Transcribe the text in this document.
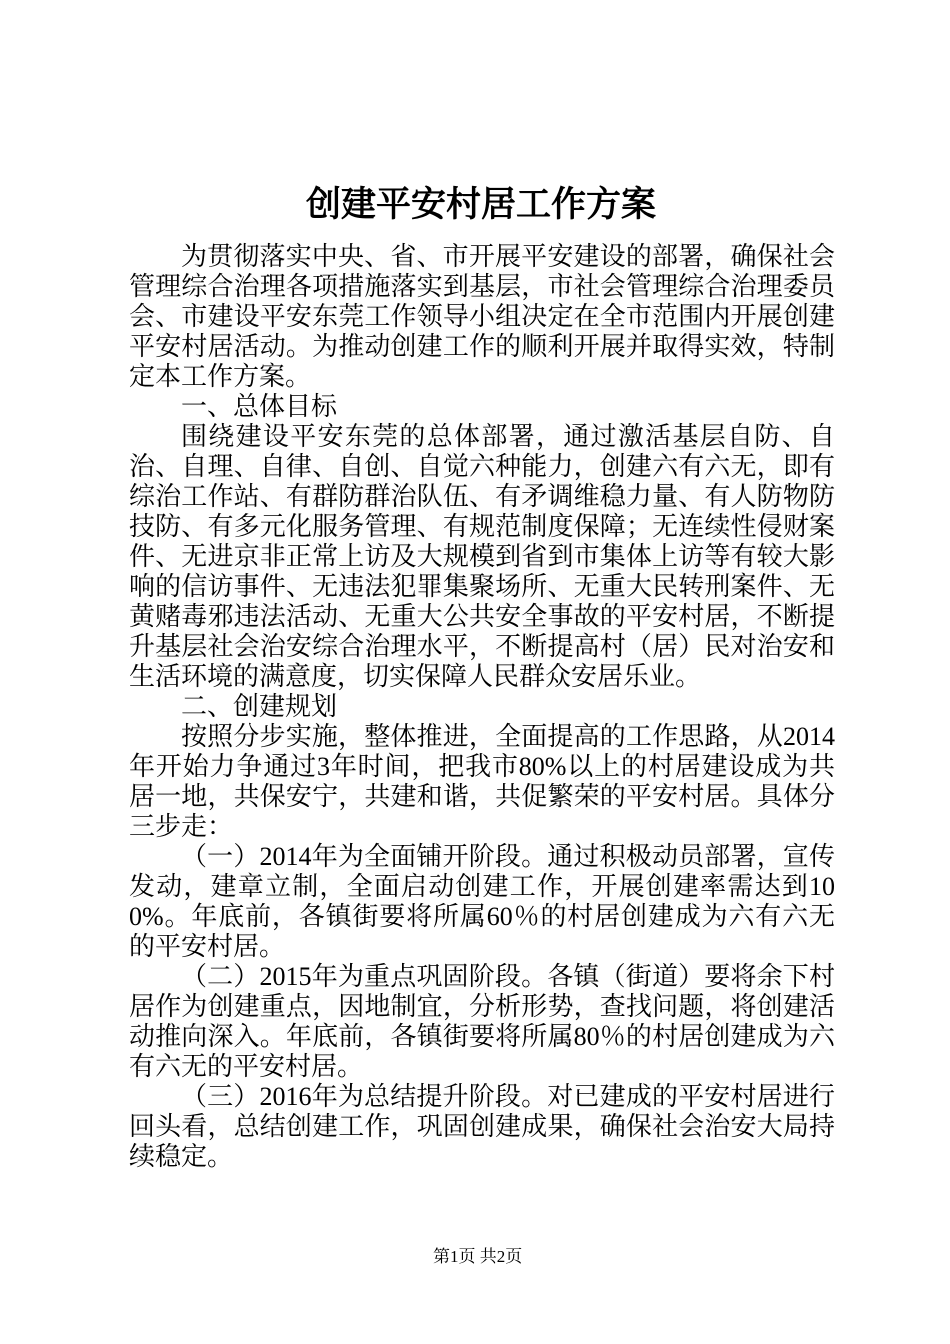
创建平安村居工作方案

为贯彻落实中央、省、市开展平安建设的部署，确保社会管理综合治理各项措施落实到基层，市社会管理综合治理委员会、市建设平安东莞工作领导小组决定在全市范围内开展创建平安村居活动。为推动创建工作的顺利开展并取得实效，特制定本工作方案。

一、总体目标

围绕建设平安东莞的总体部署，通过激活基层自防、自治、自理、自律、自创、自觉六种能力，创建六有六无，即有综治工作站、有群防群治队伍、有矛调维稳力量、有人防物防技防、有多元化服务管理、有规范制度保障；无连续性侵财案件、无进京非正常上访及大规模到省到市集体上访等有较大影响的信访事件、无违法犯罪集聚场所、无重大民转刑案件、无黄赌毒邪违法活动、无重大公共安全事故的平安村居，不断提升基层社会治安综合治理水平，不断提高村（居）民对治安和生活环境的满意度，切实保障人民群众安居乐业。

二、创建规划

按照分步实施，整体推进，全面提高的工作思路，从2014年开始力争通过3年时间，把我市80%以上的村居建设成为共居一地，共保安宁，共建和谐，共促繁荣的平安村居。具体分三步走：

（一）2014年为全面铺开阶段。通过积极动员部署，宣传发动，建章立制，全面启动创建工作，开展创建率需达到100%。年底前，各镇街要将所属60％的村居创建成为六有六无的平安村居。

（二）2015年为重点巩固阶段。各镇（街道）要将余下村居作为创建重点，因地制宜，分析形势，查找问题，将创建活动推向深入。年底前，各镇街要将所属80％的村居创建成为六有六无的平安村居。

（三）2016年为总结提升阶段。对已建成的平安村居进行回头看，总结创建工作，巩固创建成果，确保社会治安大局持续稳定。

第1页 共2页
